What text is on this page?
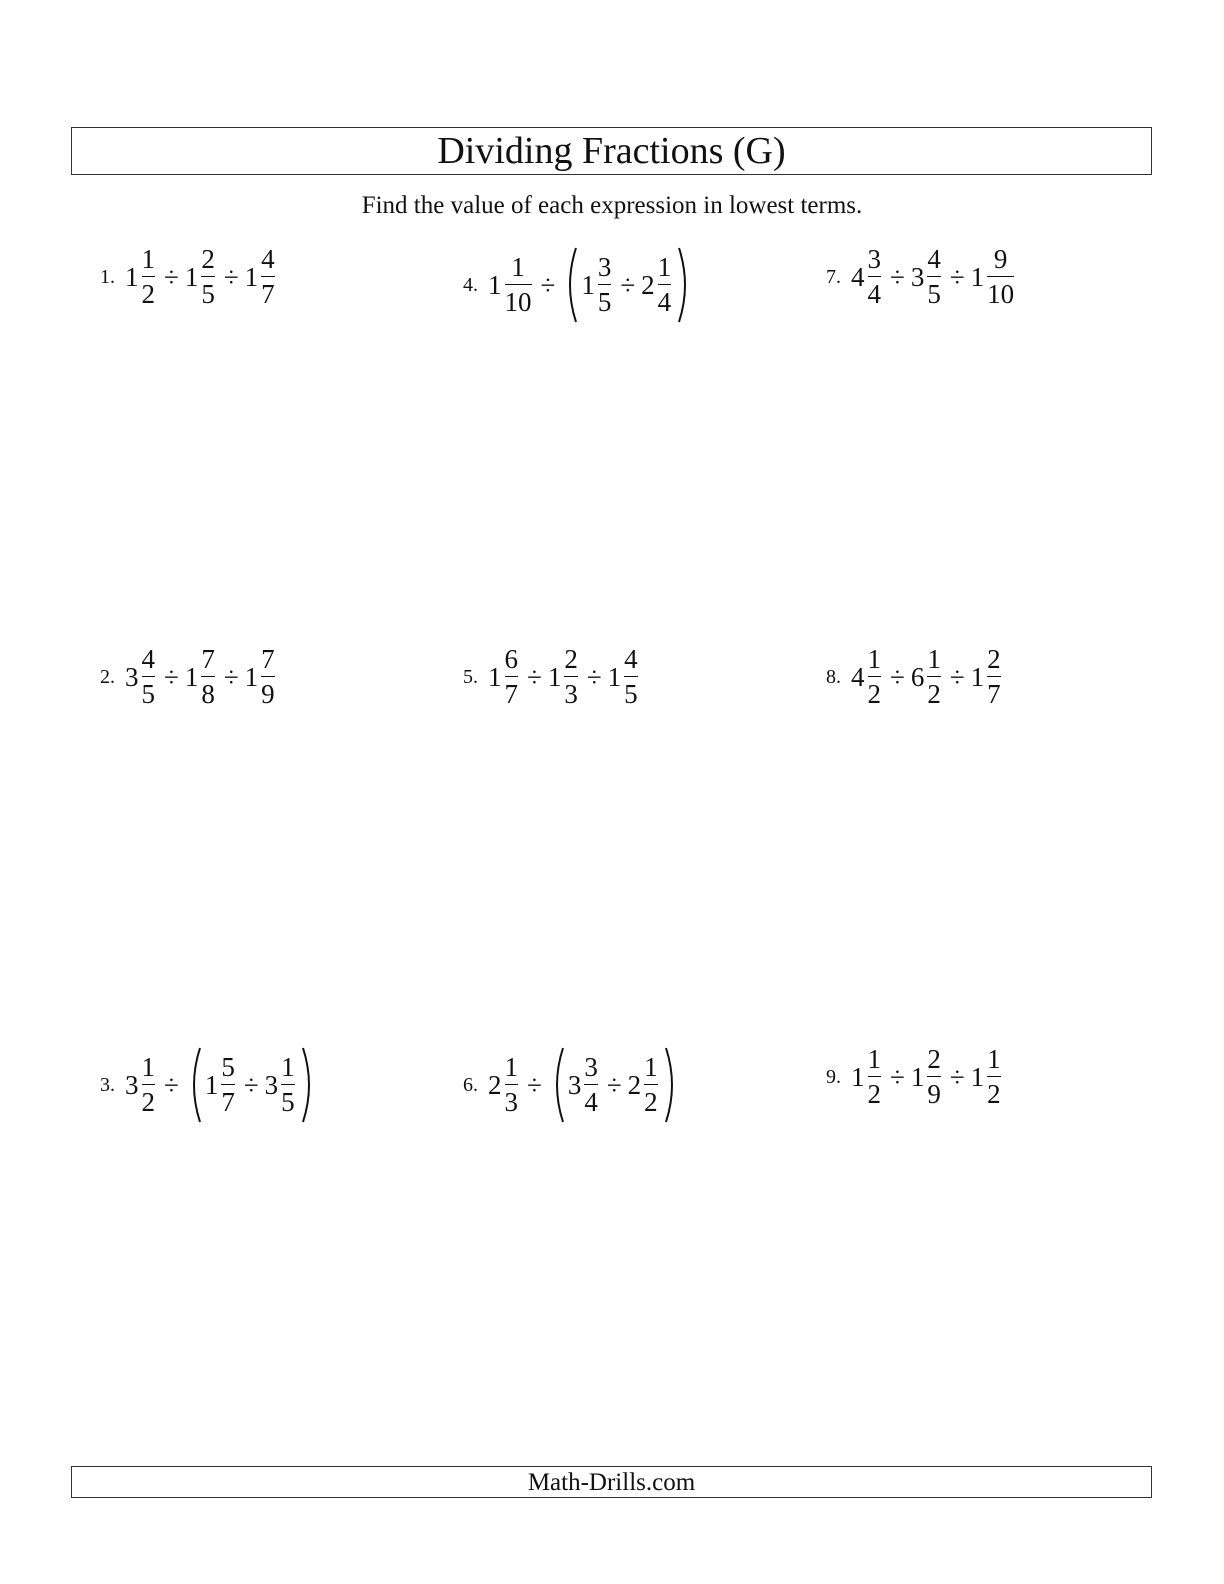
Dividing Fractions (G)
Find the value of each expression in lowest terms.
1. $1 \frac{1}{2} \div 1 \frac{2}{5} \div 1 \frac{4}{7}$
2. $3 \frac{4}{5} \div 1 \frac{7}{8} \div 1 \frac{7}{9}$
3. $3 \frac{1}{2} \div 1 \frac{5}{7} \div 3 \frac{1}{5}$
4. $1 \frac{1}{10} \div 1 \frac{3}{5} \div 2 \frac{1}{4}$
5. $1 \frac{6}{7} \div 1 \frac{2}{3} \div 1 \frac{4}{5}$
6. $2 \frac{1}{3} \div 3 \frac{3}{4} \div 2 \frac{1}{2}$
7. $4 \frac{3}{4} \div 3 \frac{4}{5} \div 1 \frac{9}{10}$
8. $4 \frac{1}{2} \div 6 \frac{1}{2} \div 1 \frac{2}{7}$
9. $1 \frac{1}{2} \div 1 \frac{2}{9} \div 1 \frac{1}{2}$
Math-Drills.com
